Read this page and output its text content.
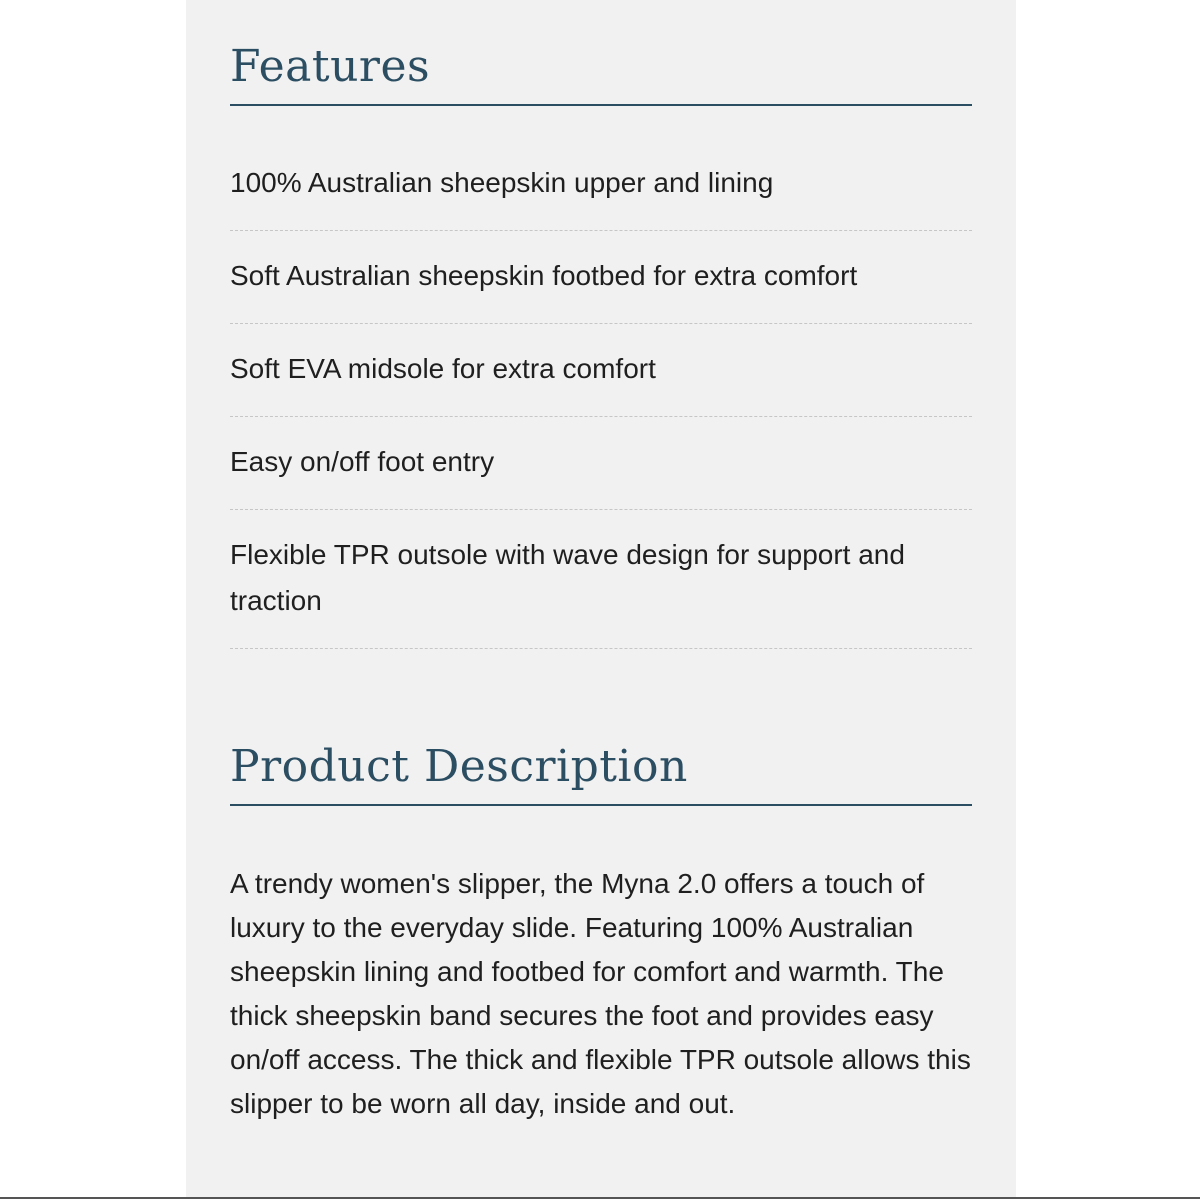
Features
100% Australian sheepskin upper and lining
Soft Australian sheepskin footbed for extra comfort
Soft EVA midsole for extra comfort
Easy on/off foot entry
Flexible TPR outsole with wave design for support and traction
Product Description

A trendy women's slipper, the Myna 2.0 offers a touch of luxury to the everyday slide. Featuring 100% Australian sheepskin lining and footbed for comfort and warmth. The thick sheepskin band secures the foot and provides easy on/off access. The thick and flexible TPR outsole allows this slipper to be worn all day, inside and out.
